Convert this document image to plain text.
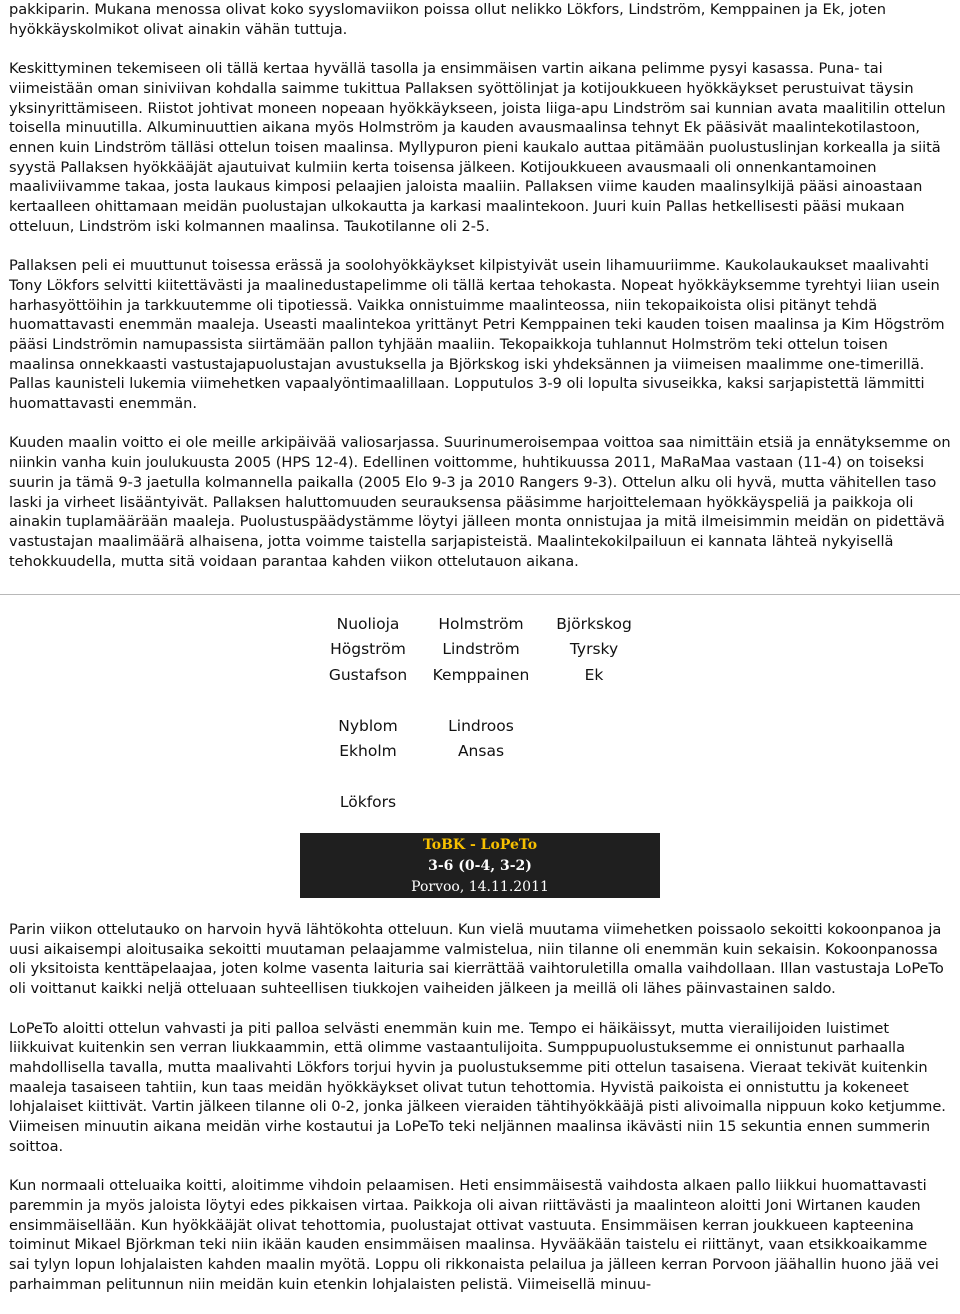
pakkiparin. Mukana menossa olivat koko syyslomaviikon poissa ollut nelikko Lökfors, Lindström, Kemppainen ja Ek, joten hyökkäyskolmikot olivat ainakin vähän tuttuja.

Keskittyminen tekemiseen oli tällä kertaa hyvällä tasolla ja ensimmäisen vartin aikana pelimme pysyi kasassa. Puna- tai viimeistään oman siniviivan kohdalla saimme tukittua Pallaksen syöttölinjat ja kotijoukkueen hyökkäykset perustuivat täysin yksinyrittämiseen. Riistot johtivat moneen nopeaan hyökkäykseen, joista liiga-apu Lindström sai kunnian avata maalitilin ottelun toisella minuutilla. Alkuminuuttien aikana myös Holmström ja kauden avausmaalinsa tehnyt Ek pääsivät maalintekotilastoon, ennen kuin Lindström tälläsi ottelun toisen maalinsa. Myllypuron pieni kaukalo auttaa pitämään puolustuslinjan korkealla ja siitä syystä Pallaksen hyökkääjät ajautuivat kulmiin kerta toisensa jälkeen. Kotijoukkueen avausmaali oli onnenkantamoinen maaliviivamme takaa, josta laukaus kimposi pelaajien jaloista maaliin. Pallaksen viime kauden maalinsylkijä pääsi ainoastaan kertaalleen ohittamaan meidän puolustajan ulkokautta ja karkasi maalintekoon. Juuri kuin Pallas hetkellisesti pääsi mukaan otteluun, Lindström iski kolmannen maalinsa. Taukotilanne oli 2-5.

Pallaksen peli ei muuttunut toisessa erässä ja soolohyökkäykset kilpistyivät usein lihamuuriimme. Kaukolaukaukset maalivahti Tony Lökfors selvitti kiitettävästi ja maalinedustapelimme oli tällä kertaa tehokasta. Nopeat hyökkäyksemme tyrehtyi liian usein harhasyöttöihin ja tarkkuutemme oli tipotiessä. Vaikka onnistuimme maalinteossa, niin tekopaikoista olisi pitänyt tehdä huomattavasti enemmän maaleja. Useasti maalintekoa yrittänyt Petri Kemppainen teki kauden toisen maalinsa ja Kim Högström pääsi Lindströmin namupassista siirtämään pallon tyhjään maaliin. Tekopaikkoja tuhlannut Holmström teki ottelun toisen maalinsa onnekkaasti vastustajapuolustajan avustuksella ja Björkskog iski yhdeksännen ja viimeisen maalimme one-timerillä. Pallas kaunisteli lukemia viimehetken vapaalyöntimaalillaan. Lopputulos 3-9 oli lopulta sivuseikka, kaksi sarjapistettä lämmitti huomattavasti enemmän.

Kuuden maalin voitto ei ole meille arkipäivää valiosarjassa. Suurinumeroisempaa voittoa saa nimittäin etsiä ja ennätyksemme on niinkin vanha kuin joulukuusta 2005 (HPS 12-4). Edellinen voittomme, huhtikuussa 2011, MaRaMaa vastaan (11-4) on toiseksi suurin ja tämä 9-3 jaetulla kolmannella paikalla (2005 Elo 9-3 ja 2010 Rangers 9-3). Ottelun alku oli hyvä, mutta vähitellen taso laski ja virheet lisääntyivät. Pallaksen haluttomuuden seurauksensa pääsimme harjoittelemaan hyökkäyspeliä ja paikkoja oli ainakin tuplamäärään maaleja. Puolustuspäädystämme löytyi jälleen monta onnistujaa ja mitä ilmeisimmin meidän on pidettävä vastustajan maalimäärä alhaisena, jotta voimme taistella sarjapisteistä. Maalintekokilpailuun ei kannata lähteä nykyisellä tehokkuudella, mutta sitä voidaan parantaa kahden viikon ottelutauon aikana.

Nuolioja	Holmström	Björkskog
Högström	Lindström	Tyrsky
Gustafson	Kemppainen	Ek
Nyblom	Lindroos
Ekholm	Ansas
Lökfors
ToBK - LoPeTo
3-6 (0-4, 3-2)
Porvoo, 14.11.2011

Parin viikon ottelutauko on harvoin hyvä lähtökohta otteluun. Kun vielä muutama viimehetken poissaolo sekoitti kokoonpanoa ja uusi aikaisempi aloitusaika sekoitti muutaman pelaajamme valmistelua, niin tilanne oli enemmän kuin sekaisin. Kokoonpanossa oli yksitoista kenttäpelaajaa, joten kolme vasenta laituria sai kierrättää vaihtoruletilla omalla vaihdollaan. Illan vastustaja LoPeTo oli voittanut kaikki neljä otteluaan suhteellisen tiukkojen vaiheiden jälkeen ja meillä oli lähes päinvastainen saldo.

LoPeTo aloitti ottelun vahvasti ja piti palloa selvästi enemmän kuin me. Tempo ei häikäissyt, mutta vierailijoiden luistimet liikkuivat kuitenkin sen verran liukkaammin, että olimme vastaantulijoita. Sumppupuolustuksemme ei onnistunut parhaalla mahdollisella tavalla, mutta maalivahti Lökfors torjui hyvin ja puolustuksemme piti ottelun tasaisena. Vieraat tekivät kuitenkin maaleja tasaiseen tahtiin, kun taas meidän hyökkäykset olivat tutun tehottomia. Hyvistä paikoista ei onnistuttu ja kokeneet lohjalaiset kiittivät. Vartin jälkeen tilanne oli 0-2, jonka jälkeen vieraiden tähtihyökkääjä pisti alivoimalla nippuun koko ketjumme. Viimeisen minuutin aikana meidän virhe kostautui ja LoPeTo teki neljännen maalinsa ikävästi niin 15 sekuntia ennen summerin soittoa.

Kun normaali otteluaika koitti, aloitimme vihdoin pelaamisen. Heti ensimmäisestä vaihdosta alkaen pallo liikkui huomattavasti paremmin ja myös jaloista löytyi edes pikkaisen virtaa. Paikkoja oli aivan riittävästi ja maalinteon aloitti Joni Wirtanen kauden ensimmäisellään. Kun hyökkääjät olivat tehottomia, puolustajat ottivat vastuuta. Ensimmäisen kerran joukkueen kapteenina toiminut Mikael Björkman teki niin ikään kauden ensimmäisen maalinsa. Hyvääkään taistelu ei riittänyt, vaan etsikkoaikamme sai tylyn lopun lohjalaisten kahden maalin myötä. Loppu oli rikkonaista pelailua ja jälleen kerran Porvoon jäähallin huono jää vei parhaimman pelitunnun niin meidän kuin etenkin lohjalaisten pelistä. Viimeisellä minuu-
